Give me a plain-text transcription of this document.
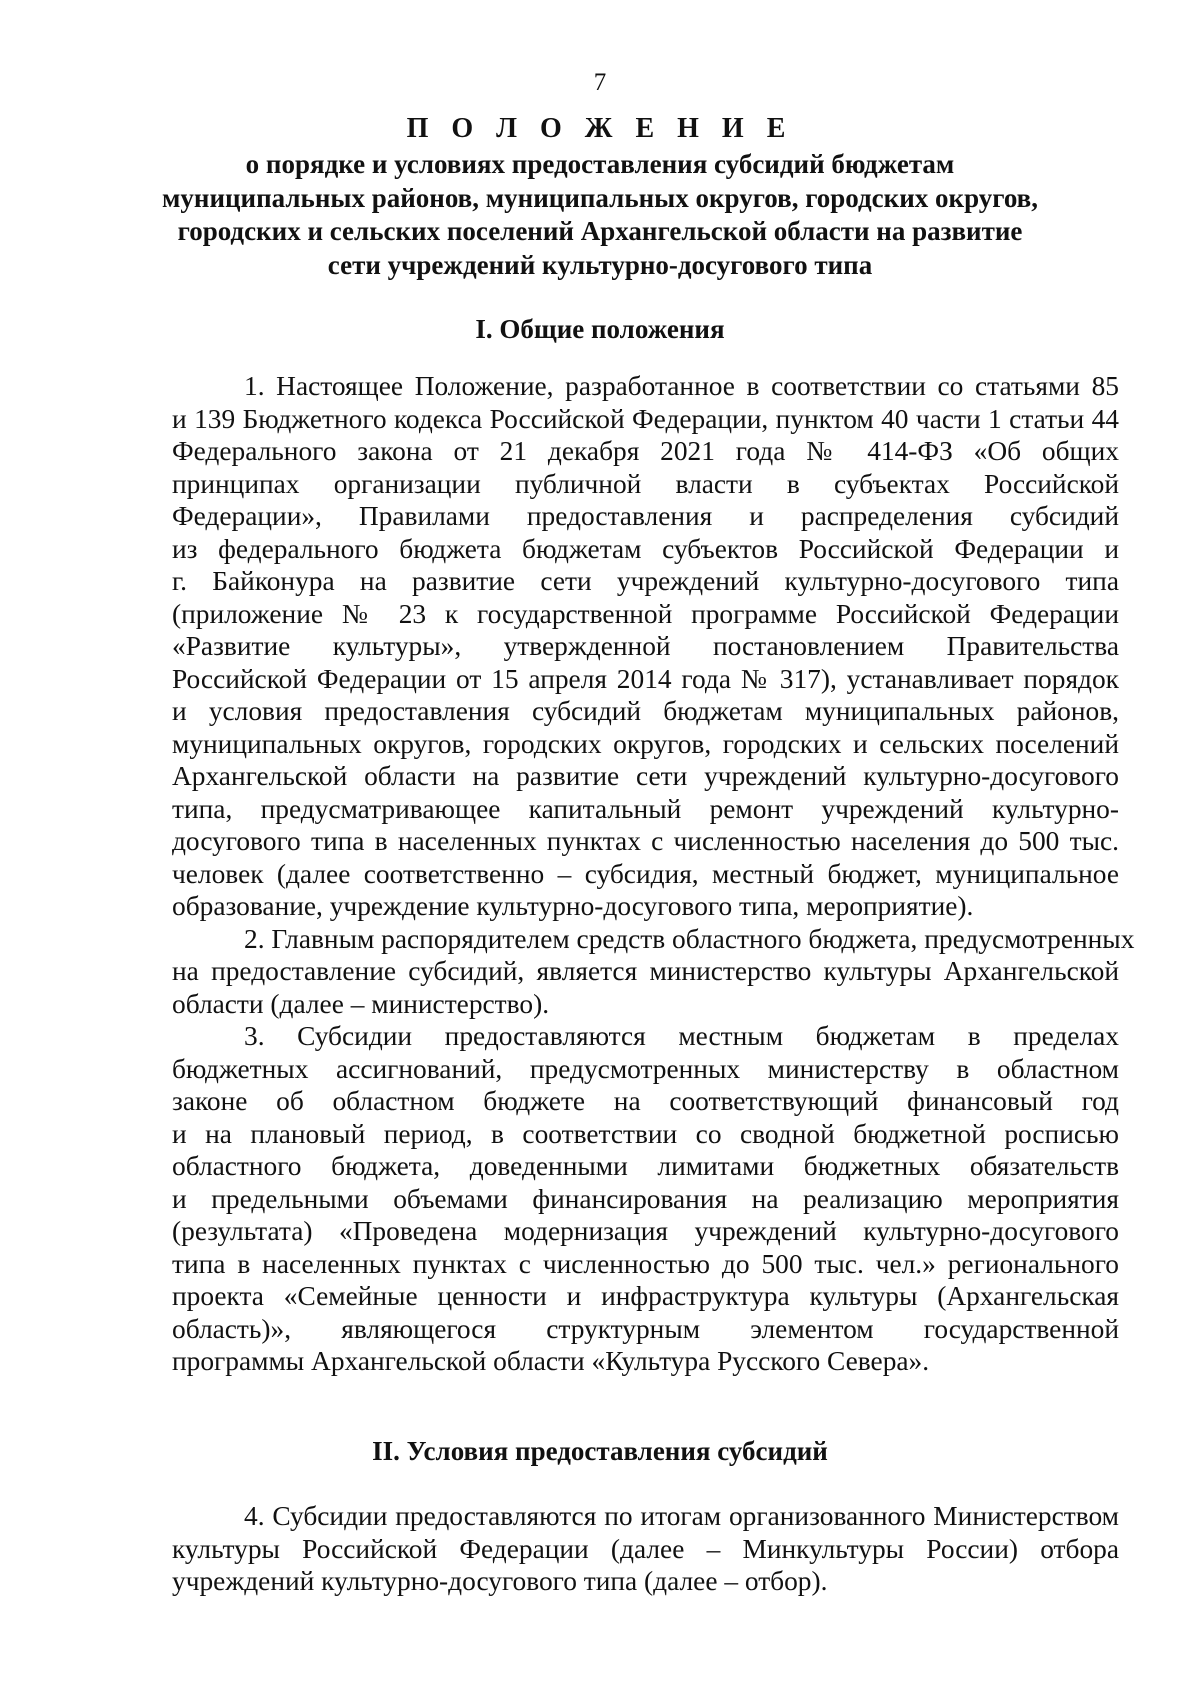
7
П О Л О Ж Е Н И Е
о порядке и условиях предоставления субсидий бюджетам
муниципальных районов, муниципальных округов, городских округов,
городских и сельских поселений Архангельской области на развитие
сети учреждений культурно-досугового типа
I. Общие положения
1. Настоящее Положение, разработанное в соответствии со статьями 85
и 139 Бюджетного кодекса Российской Федерации, пунктом 40 части 1 статьи 44
Федерального закона от 21 декабря 2021 года № 414-ФЗ «Об общих
принципах организации публичной власти в субъектах Российской
Федерации», Правилами предоставления и распределения субсидий
из федерального бюджета бюджетам субъектов Российской Федерации и
г. Байконура на развитие сети учреждений культурно-досугового типа
(приложение № 23 к государственной программе Российской Федерации
«Развитие культуры», утвержденной постановлением Правительства
Российской Федерации от 15 апреля 2014 года № 317), устанавливает порядок
и условия предоставления субсидий бюджетам муниципальных районов,
муниципальных округов, городских округов, городских и сельских поселений
Архангельской области на развитие сети учреждений культурно-досугового
типа, предусматривающее капитальный ремонт учреждений культурно-
досугового типа в населенных пунктах с численностью населения до 500 тыс.
человек (далее соответственно – субсидия, местный бюджет, муниципальное
образование, учреждение культурно-досугового типа, мероприятие).
2. Главным распорядителем средств областного бюджета, предусмотренных
на предоставление субсидий, является министерство культуры Архангельской
области (далее – министерство).
3. Субсидии предоставляются местным бюджетам в пределах
бюджетных ассигнований, предусмотренных министерству в областном
законе об областном бюджете на соответствующий финансовый год
и на плановый период, в соответствии со сводной бюджетной росписью
областного бюджета, доведенными лимитами бюджетных обязательств
и предельными объемами финансирования на реализацию мероприятия
(результата) «Проведена модернизация учреждений культурно-досугового
типа в населенных пунктах с численностью до 500 тыс. чел.» регионального
проекта «Семейные ценности и инфраструктура культуры (Архангельская
область)», являющегося структурным элементом государственной
программы Архангельской области «Культура Русского Севера».
II. Условия предоставления субсидий
4. Субсидии предоставляются по итогам организованного Министерством
культуры Российской Федерации (далее – Минкультуры России) отбора
учреждений культурно-досугового типа (далее – отбор).
